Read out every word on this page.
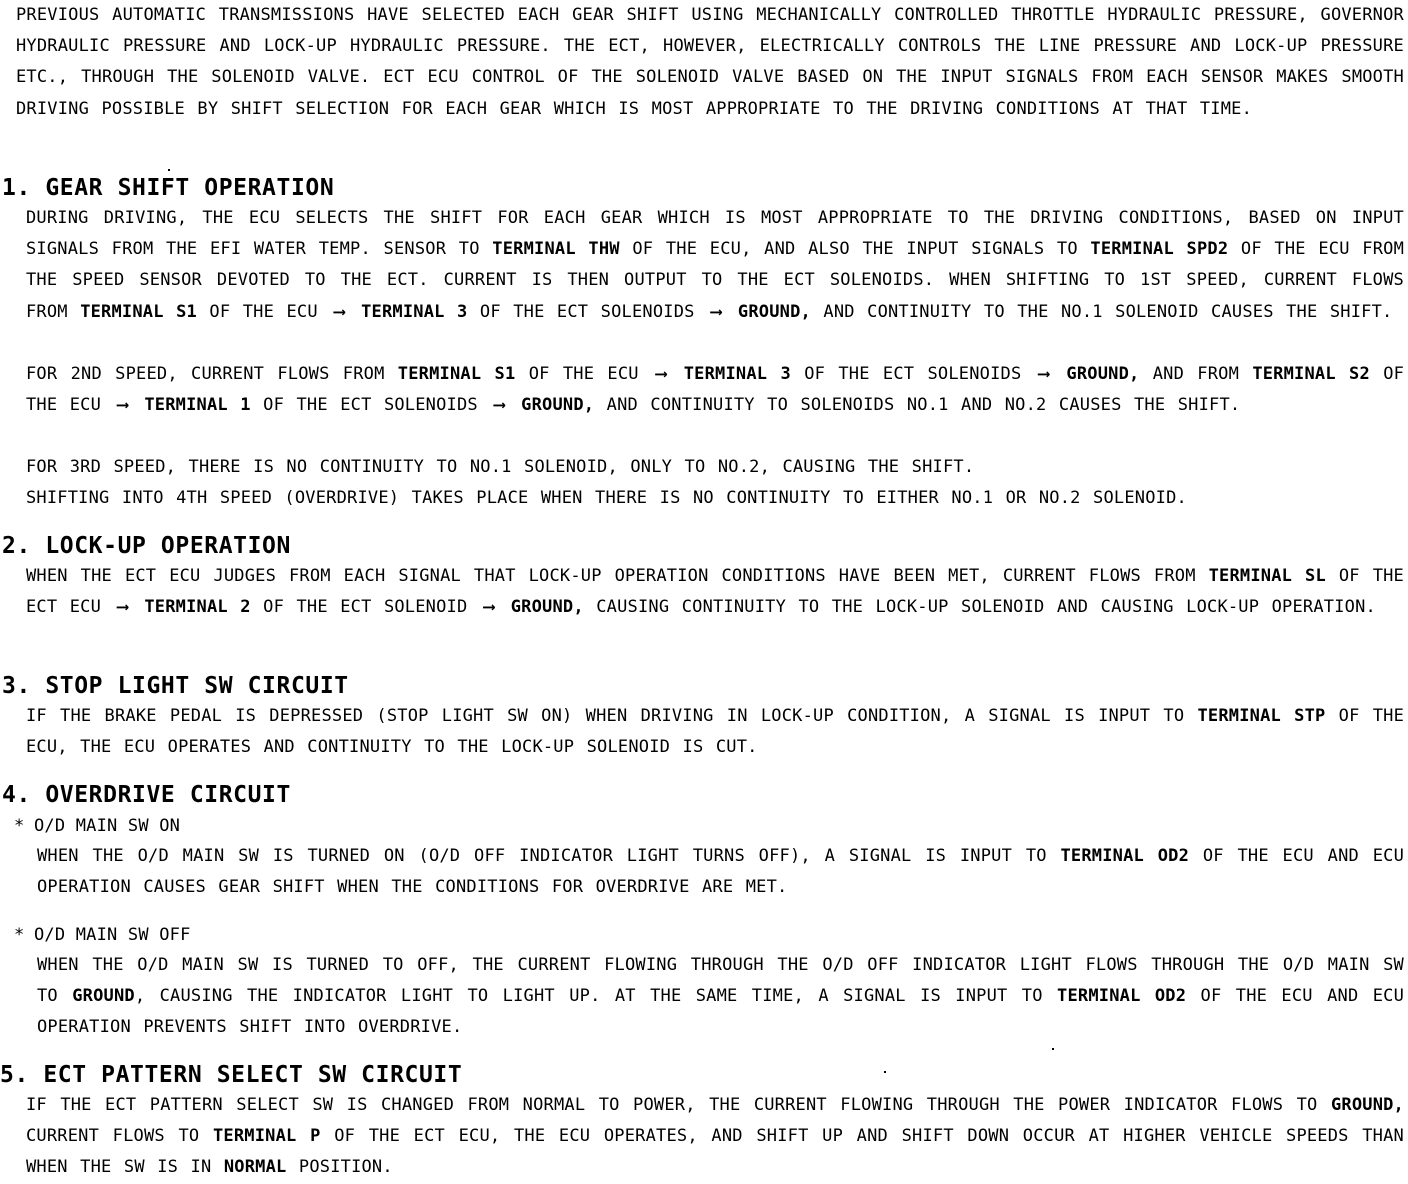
PREVIOUS AUTOMATIC TRANSMISSIONS HAVE SELECTED EACH GEAR SHIFT USING MECHANICALLY CONTROLLED THROTTLE HYDRAULIC PRESSURE, GOVERNOR HYDRAULIC PRESSURE AND LOCK-UP HYDRAULIC PRESSURE. THE ECT, HOWEVER, ELECTRICALLY CONTROLS THE LINE PRESSURE AND LOCK-UP PRESSURE ETC., THROUGH THE SOLENOID VALVE. ECT ECU CONTROL OF THE SOLENOID VALVE BASED ON THE INPUT SIGNALS FROM EACH SENSOR MAKES SMOOTH DRIVING POSSIBLE BY SHIFT SELECTION FOR EACH GEAR WHICH IS MOST APPROPRIATE TO THE DRIVING CONDITIONS AT THAT TIME.
1. GEAR SHIFT OPERATION
DURING DRIVING, THE ECU SELECTS THE SHIFT FOR EACH GEAR WHICH IS MOST APPROPRIATE TO THE DRIVING CONDITIONS, BASED ON INPUT SIGNALS FROM THE EFI WATER TEMP. SENSOR TO TERMINAL THW OF THE ECU, AND ALSO THE INPUT SIGNALS TO TERMINAL SPD2 OF THE ECU FROM THE SPEED SENSOR DEVOTED TO THE ECT. CURRENT IS THEN OUTPUT TO THE ECT SOLENOIDS. WHEN SHIFTING TO 1ST SPEED, CURRENT FLOWS FROM TERMINAL S1 OF THE ECU ⟶ TERMINAL 3 OF THE ECT SOLENOIDS ⟶ GROUND, AND CONTINUITY TO THE NO.1 SOLENOID CAUSES THE SHIFT.
FOR 2ND SPEED, CURRENT FLOWS FROM TERMINAL S1 OF THE ECU ⟶ TERMINAL 3 OF THE ECT SOLENOIDS ⟶ GROUND, AND FROM TERMINAL S2 OF THE ECU ⟶ TERMINAL 1 OF THE ECT SOLENOIDS ⟶ GROUND, AND CONTINUITY TO SOLENOIDS NO.1 AND NO.2 CAUSES THE SHIFT.
FOR 3RD SPEED, THERE IS NO CONTINUITY TO NO.1 SOLENOID, ONLY TO NO.2, CAUSING THE SHIFT.
SHIFTING INTO 4TH SPEED (OVERDRIVE) TAKES PLACE WHEN THERE IS NO CONTINUITY TO EITHER NO.1 OR NO.2 SOLENOID.
2. LOCK-UP OPERATION
WHEN THE ECT ECU JUDGES FROM EACH SIGNAL THAT LOCK-UP OPERATION CONDITIONS HAVE BEEN MET, CURRENT FLOWS FROM TERMINAL SL OF THE ECT ECU ⟶ TERMINAL 2 OF THE ECT SOLENOID ⟶ GROUND, CAUSING CONTINUITY TO THE LOCK-UP SOLENOID AND CAUSING LOCK-UP OPERATION.
3. STOP LIGHT SW CIRCUIT
IF THE BRAKE PEDAL IS DEPRESSED (STOP LIGHT SW ON) WHEN DRIVING IN LOCK-UP CONDITION, A SIGNAL IS INPUT TO TERMINAL STP OF THE ECU, THE ECU OPERATES AND CONTINUITY TO THE LOCK-UP SOLENOID IS CUT.
4. OVERDRIVE CIRCUIT
* O/D MAIN SW ON
WHEN THE O/D MAIN SW IS TURNED ON (O/D OFF INDICATOR LIGHT TURNS OFF), A SIGNAL IS INPUT TO TERMINAL OD2 OF THE ECU AND ECU OPERATION CAUSES GEAR SHIFT WHEN THE CONDITIONS FOR OVERDRIVE ARE MET.
* O/D MAIN SW OFF
WHEN THE O/D MAIN SW IS TURNED TO OFF, THE CURRENT FLOWING THROUGH THE O/D OFF INDICATOR LIGHT FLOWS THROUGH THE O/D MAIN SW TO GROUND, CAUSING THE INDICATOR LIGHT TO LIGHT UP. AT THE SAME TIME, A SIGNAL IS INPUT TO TERMINAL OD2 OF THE ECU AND ECU OPERATION PREVENTS SHIFT INTO OVERDRIVE.
5. ECT PATTERN SELECT SW CIRCUIT
IF THE ECT PATTERN SELECT SW IS CHANGED FROM NORMAL TO POWER, THE CURRENT FLOWING THROUGH THE POWER INDICATOR FLOWS TO GROUND, CURRENT FLOWS TO TERMINAL P OF THE ECT ECU, THE ECU OPERATES, AND SHIFT UP AND SHIFT DOWN OCCUR AT HIGHER VEHICLE SPEEDS THAN WHEN THE SW IS IN NORMAL POSITION.
